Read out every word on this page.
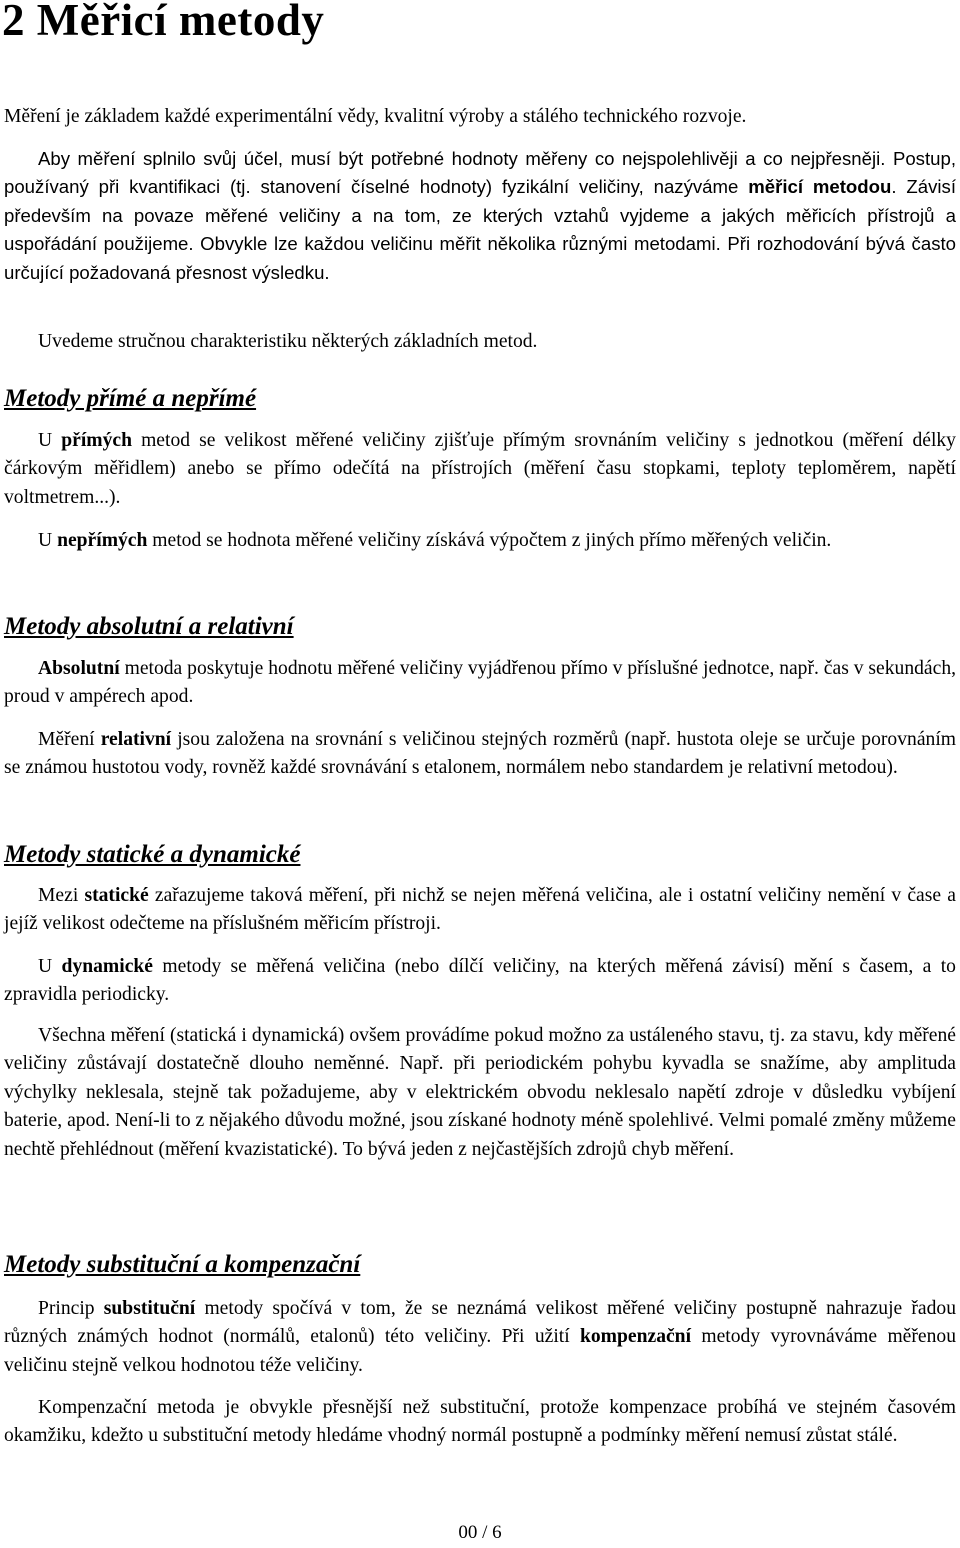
2 Měřicí metody

Měření je základem každé experimentální vědy, kvalitní výroby a stálého technického rozvoje.

Aby měření splnilo svůj účel, musí být potřebné hodnoty měřeny co nejspolehlivěji a co nejpřesněji. Postup, používaný při kvantifikaci (tj. stanovení číselné hodnoty) fyzikální veličiny, nazýváme měřicí metodou. Závisí především na povaze měřené veličiny a na tom, ze kterých vztahů vyjdeme a jakých měřicích přístrojů a uspořádání použijeme. Obvykle lze každou veličinu měřit několika různými metodami. Při rozhodování bývá často určující požadovaná přesnost výsledku.

Uvedeme stručnou charakteristiku některých základních metod.

Metody přímé a nepřímé

U přímých metod se velikost měřené veličiny zjišťuje přímým srovnáním veličiny s jednotkou (měření délky čárkovým měřidlem) anebo se přímo odečítá na přístrojích (měření času stopkami, teploty teploměrem, napětí voltmetrem...).

U nepřímých metod se hodnota měřené veličiny získává výpočtem z jiných přímo měřených veličin.

Metody absolutní a relativní

Absolutní metoda poskytuje hodnotu měřené veličiny vyjádřenou přímo v příslušné jednotce, např. čas v sekundách, proud v ampérech apod.

Měření relativní jsou založena na srovnání s veličinou stejných rozměrů (např. hustota oleje se určuje porovnáním se známou hustotou vody, rovněž každé srovnávání s etalonem, normálem nebo standardem je relativní metodou).

Metody statické a dynamické

Mezi statické zařazujeme taková měření, při nichž se nejen měřená veličina, ale i ostatní veličiny nemění v čase a jejíž velikost odečteme na příslušném měřicím přístroji.

U dynamické metody se měřená veličina (nebo dílčí veličiny, na kterých měřená závisí) mění s časem, a to zpravidla periodicky.

Všechna měření (statická i dynamická) ovšem provádíme pokud možno za ustáleného stavu, tj. za stavu, kdy měřené veličiny zůstávají dostatečně dlouho neměnné. Např. při periodickém pohybu kyvadla se snažíme, aby amplituda výchylky neklesala, stejně tak požadujeme, aby v elektrickém obvodu neklesalo napětí zdroje v důsledku vybíjení baterie, apod. Není-li to z nějakého důvodu možné, jsou získané hodnoty méně spolehlivé. Velmi pomalé změny můžeme nechtě přehlédnout (měření kvazistatické). To bývá jeden z nejčastějších zdrojů chyb měření.

Metody substituční a kompenzační

Princip substituční metody spočívá v tom, že se neznámá velikost měřené veličiny postupně nahrazuje řadou různých známých hodnot (normálů, etalonů) této veličiny. Při užití kompenzační metody vyrovnáváme měřenou veličinu stejně velkou hodnotou téže veličiny.

Kompenzační metoda je obvykle přesnější než substituční, protože kompenzace probíhá ve stejném časovém okamžiku, kdežto u substituční metody hledáme vhodný normál postupně a podmínky měření nemusí zůstat stálé.

00 / 6
